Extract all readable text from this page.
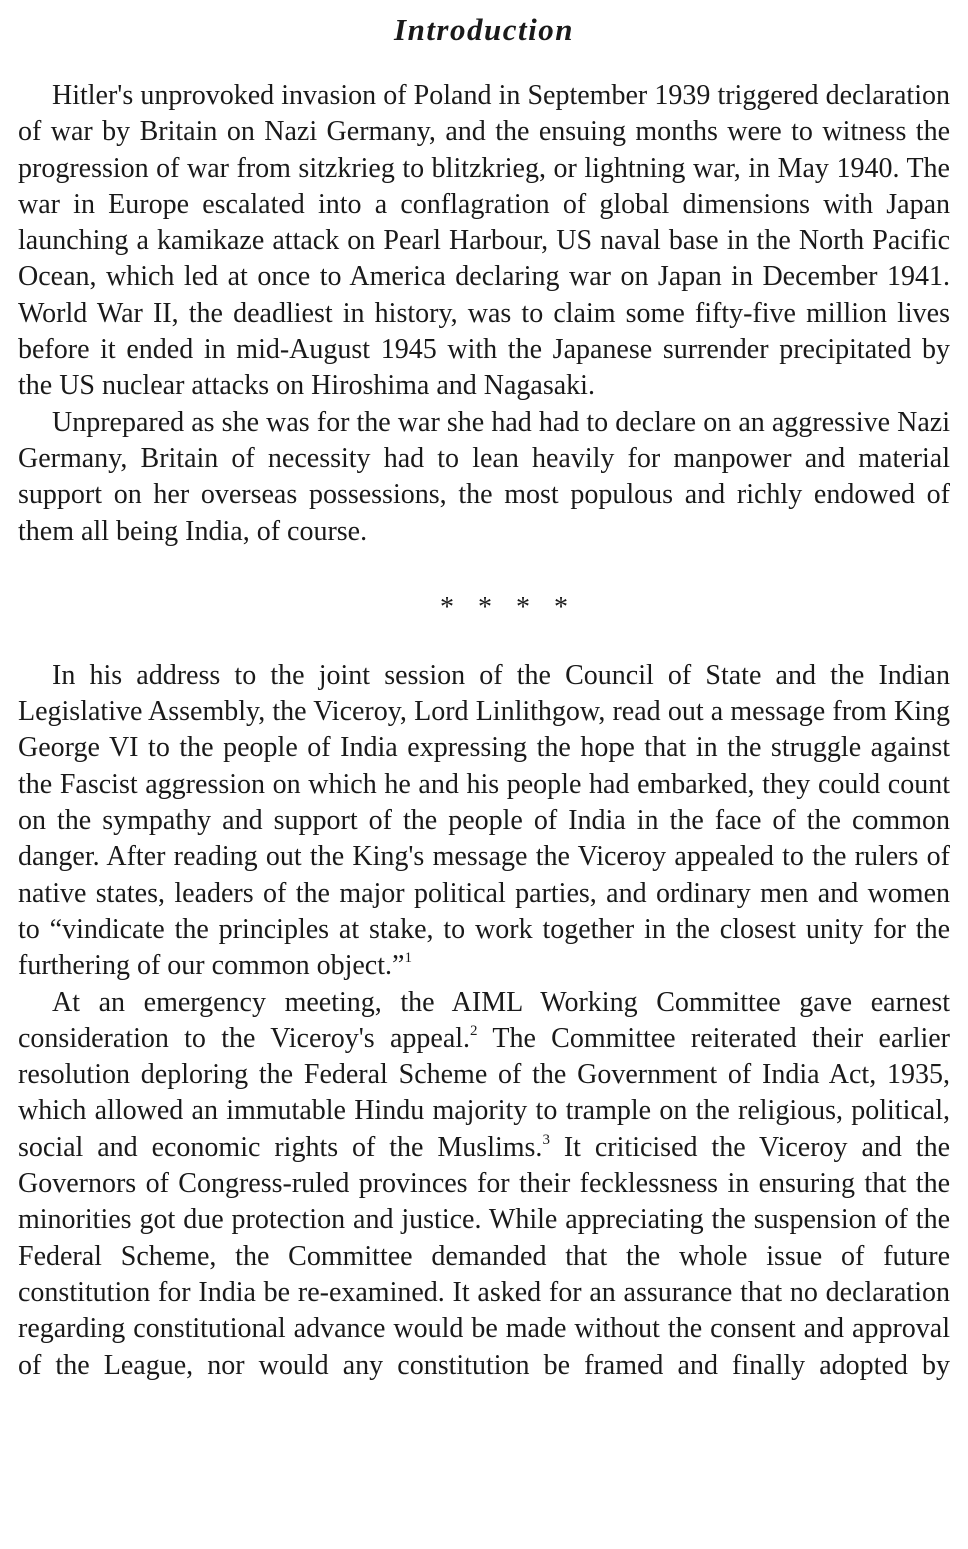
Introduction

Hitler's unprovoked invasion of Poland in September 1939 triggered declaration of war by Britain on Nazi Germany, and the ensuing months were to witness the progression of war from sitzkrieg to blitzkrieg, or lightning war, in May 1940. The war in Europe escalated into a conflagration of global dimensions with Japan launching a kamikaze attack on Pearl Harbour, US naval base in the North Pacific Ocean, which led at once to America declaring war on Japan in December 1941. World War II, the deadliest in history, was to claim some fifty-five million lives before it ended in mid-August 1945 with the Japanese surrender precipitated by the US nuclear attacks on Hiroshima and Nagasaki.

Unprepared as she was for the war she had had to declare on an aggressive Nazi Germany, Britain of necessity had to lean heavily for manpower and material support on her overseas possessions, the most populous and richly endowed of them all being India, of course.

* * * *

In his address to the joint session of the Council of State and the Indian Legislative Assembly, the Viceroy, Lord Linlithgow, read out a message from King George VI to the people of India expressing the hope that in the struggle against the Fascist aggression on which he and his people had embarked, they could count on the sympathy and support of the people of India in the face of the common danger. After reading out the King's message the Viceroy appealed to the rulers of native states, leaders of the major political parties, and ordinary men and women to “vindicate the principles at stake, to work together in the closest unity for the furthering of our common object.”$^1$

At an emergency meeting, the AIML Working Committee gave earnest consideration to the Viceroy's appeal.$^2$ The Committee reiterated their earlier resolution deploring the Federal Scheme of the Government of India Act, 1935, which allowed an immutable Hindu majority to trample on the religious, political, social and economic rights of the Muslims.$^3$ It criticised the Viceroy and the Governors of Congress-ruled provinces for their fecklessness in ensuring that the minorities got due protection and justice. While appreciating the suspension of the Federal Scheme, the Committee demanded that the whole issue of future constitution for India be re-examined. It asked for an assurance that no declaration regarding constitutional advance would be made without the consent and approval of the League, nor would any constitution be framed and finally adopted by
